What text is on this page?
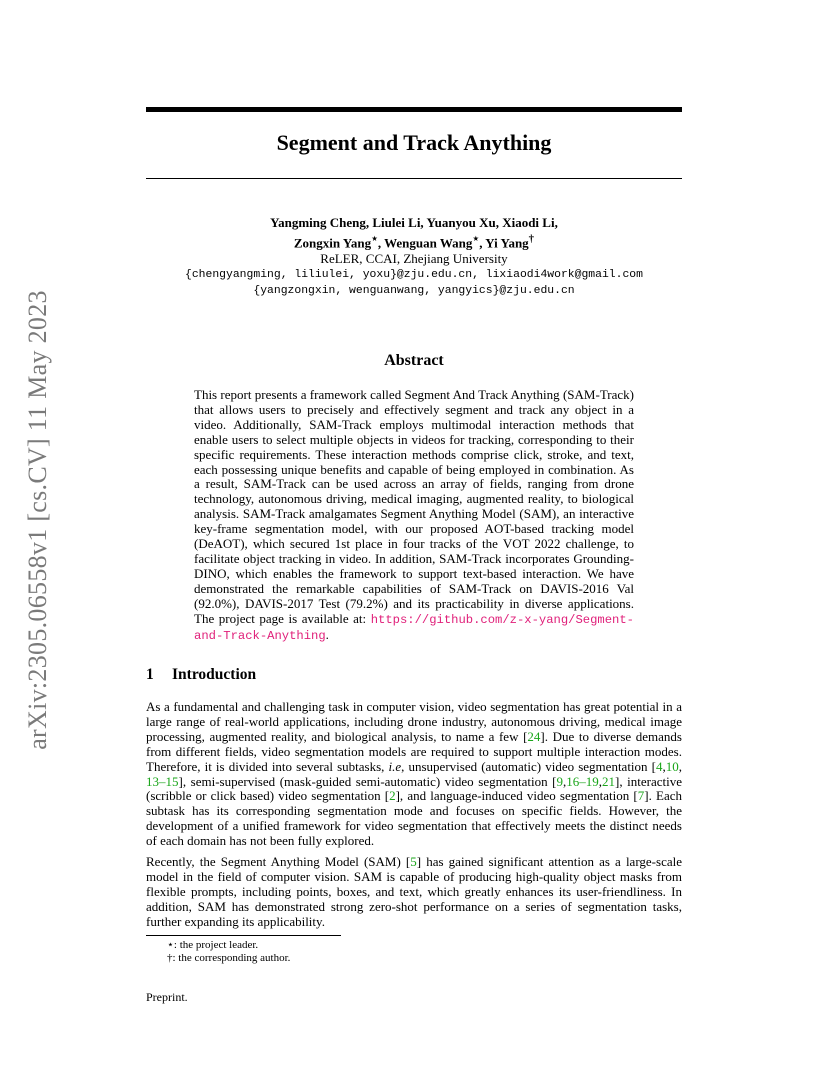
arXiv:2305.06558v1 [cs.CV] 11 May 2023
Segment and Track Anything
Yangming Cheng, Liulei Li, Yuanyou Xu, Xiaodi Li,
Zongxin Yang⋆, Wenguan Wang⋆, Yi Yang†
ReLER, CCAI, Zhejiang University
{chengyangming, liliulei, yoxu}@zju.edu.cn, lixiaodi4work@gmail.com
{yangzongxin, wenguanwang, yangyics}@zju.edu.cn
Abstract
This report presents a framework called Segment And Track Anything (SAM-Track) that allows users to precisely and effectively segment and track any object in a video. Additionally, SAM-Track employs multimodal interaction methods that enable users to select multiple objects in videos for tracking, corresponding to their specific requirements. These interaction methods comprise click, stroke, and text, each possessing unique benefits and capable of being employed in combination. As a result, SAM-Track can be used across an array of fields, ranging from drone technology, autonomous driving, medical imaging, augmented reality, to biological analysis. SAM-Track amalgamates Segment Anything Model (SAM), an interactive key-frame segmentation model, with our proposed AOT-based tracking model (DeAOT), which secured 1st place in four tracks of the VOT 2022 challenge, to facilitate object tracking in video. In addition, SAM-Track incorporates Grounding-DINO, which enables the framework to support text-based interaction. We have demonstrated the remarkable capabilities of SAM-Track on DAVIS-2016 Val (92.0%), DAVIS-2017 Test (79.2%) and its practicability in diverse applications. The project page is available at: https://github.com/z-x-yang/Segment-and-Track-Anything.
1 Introduction
As a fundamental and challenging task in computer vision, video segmentation has great potential in a large range of real-world applications, including drone industry, autonomous driving, medical image processing, augmented reality, and biological analysis, to name a few [24]. Due to diverse demands from different fields, video segmentation models are required to support multiple interaction modes. Therefore, it is divided into several subtasks, i.e, unsupervised (automatic) video segmentation [4,10, 13–15], semi-supervised (mask-guided semi-automatic) video segmentation [9,16–19,21], interactive (scribble or click based) video segmentation [2], and language-induced video segmentation [7]. Each subtask has its corresponding segmentation mode and focuses on specific fields. However, the development of a unified framework for video segmentation that effectively meets the distinct needs of each domain has not been fully explored.
Recently, the Segment Anything Model (SAM) [5] has gained significant attention as a large-scale model in the field of computer vision. SAM is capable of producing high-quality object masks from flexible prompts, including points, boxes, and text, which greatly enhances its user-friendliness. In addition, SAM has demonstrated strong zero-shot performance on a series of segmentation tasks, further expanding its applicability.
⋆: the project leader.
†: the corresponding author.
Preprint.
